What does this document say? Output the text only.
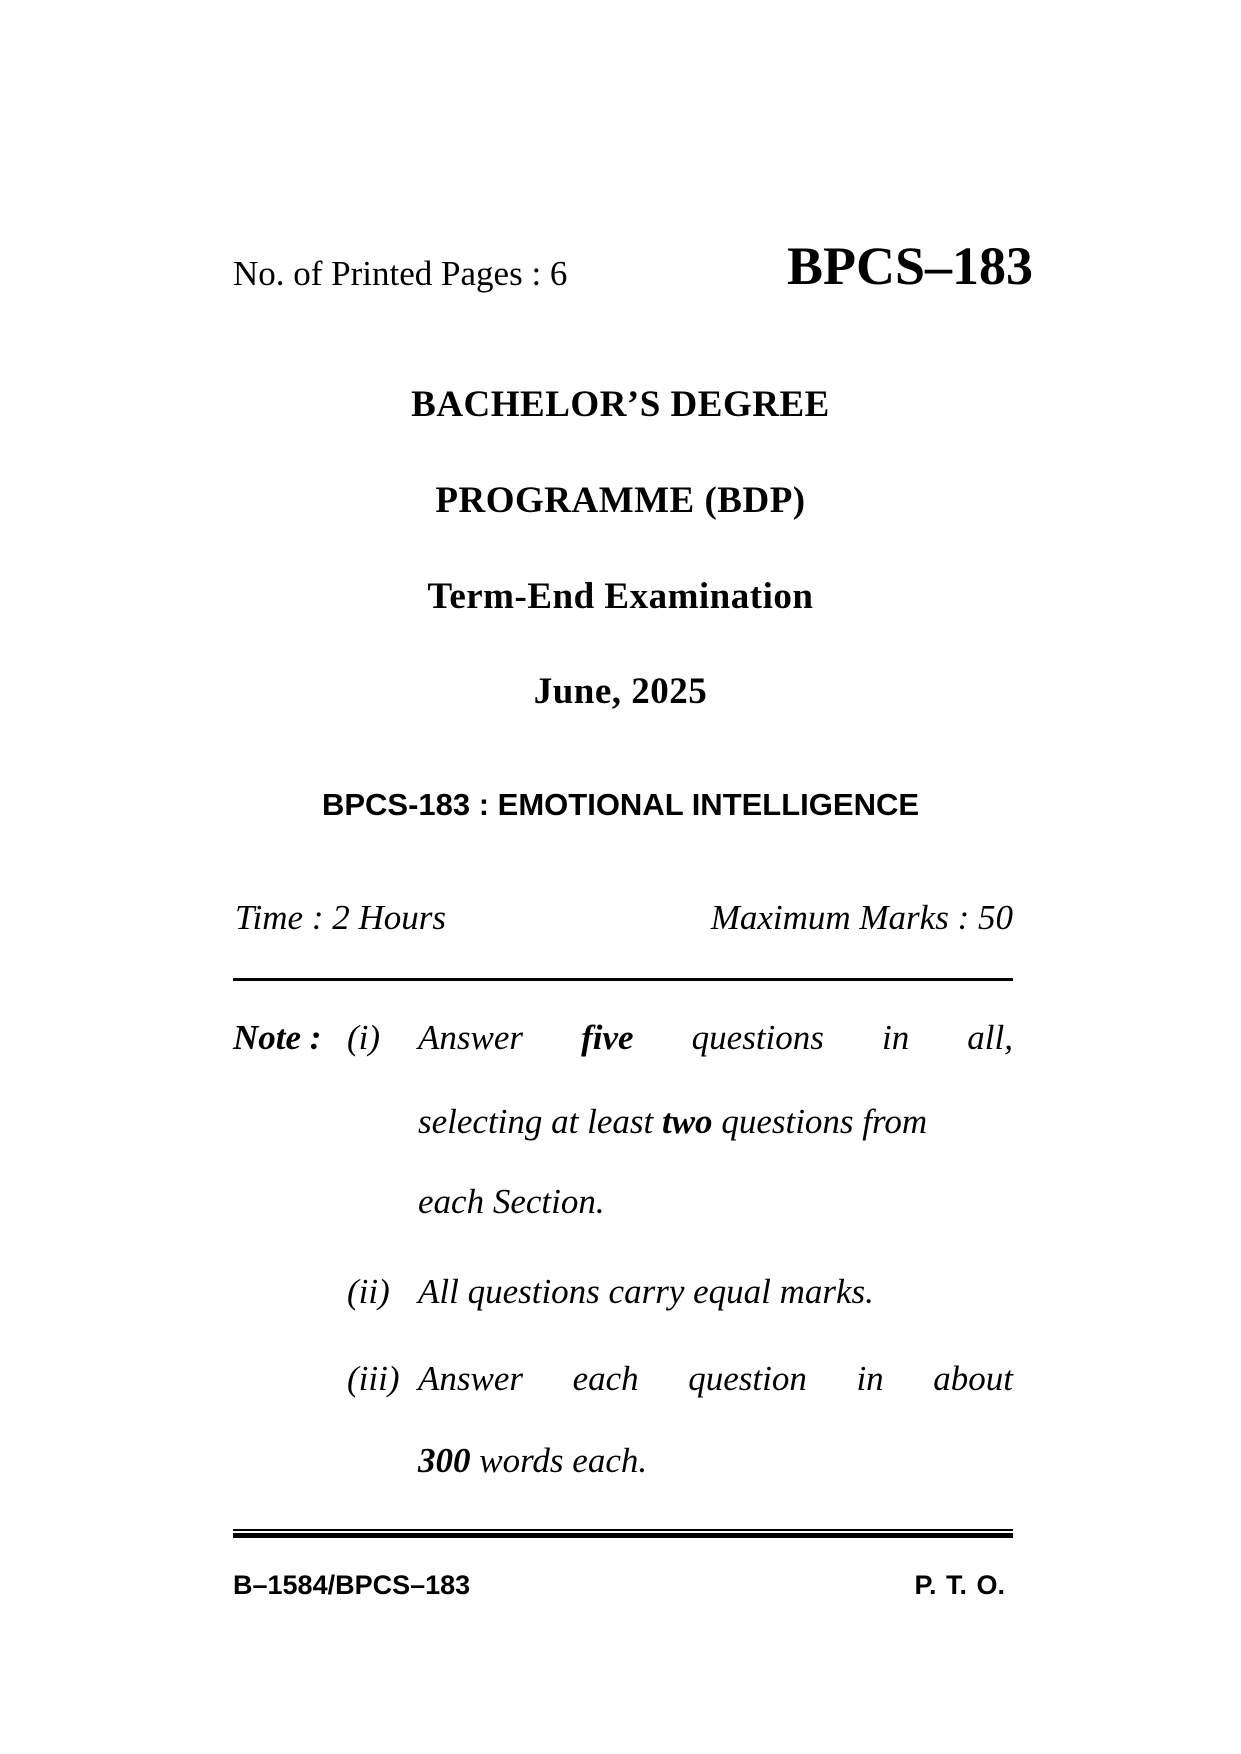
No. of Printed Pages : 6	BPCS–183
BACHELOR’S DEGREE
PROGRAMME (BDP)
Term-End Examination
June, 2025
BPCS-183 : EMOTIONAL INTELLIGENCE
Time : 2 Hours	Maximum Marks : 50
Note : (i) Answer five questions in all,
selecting at least two questions from
each Section.
(ii) All questions carry equal marks.
(iii) Answer each question in about
300 words each.
B–1584/BPCS–183	P. T. O.
